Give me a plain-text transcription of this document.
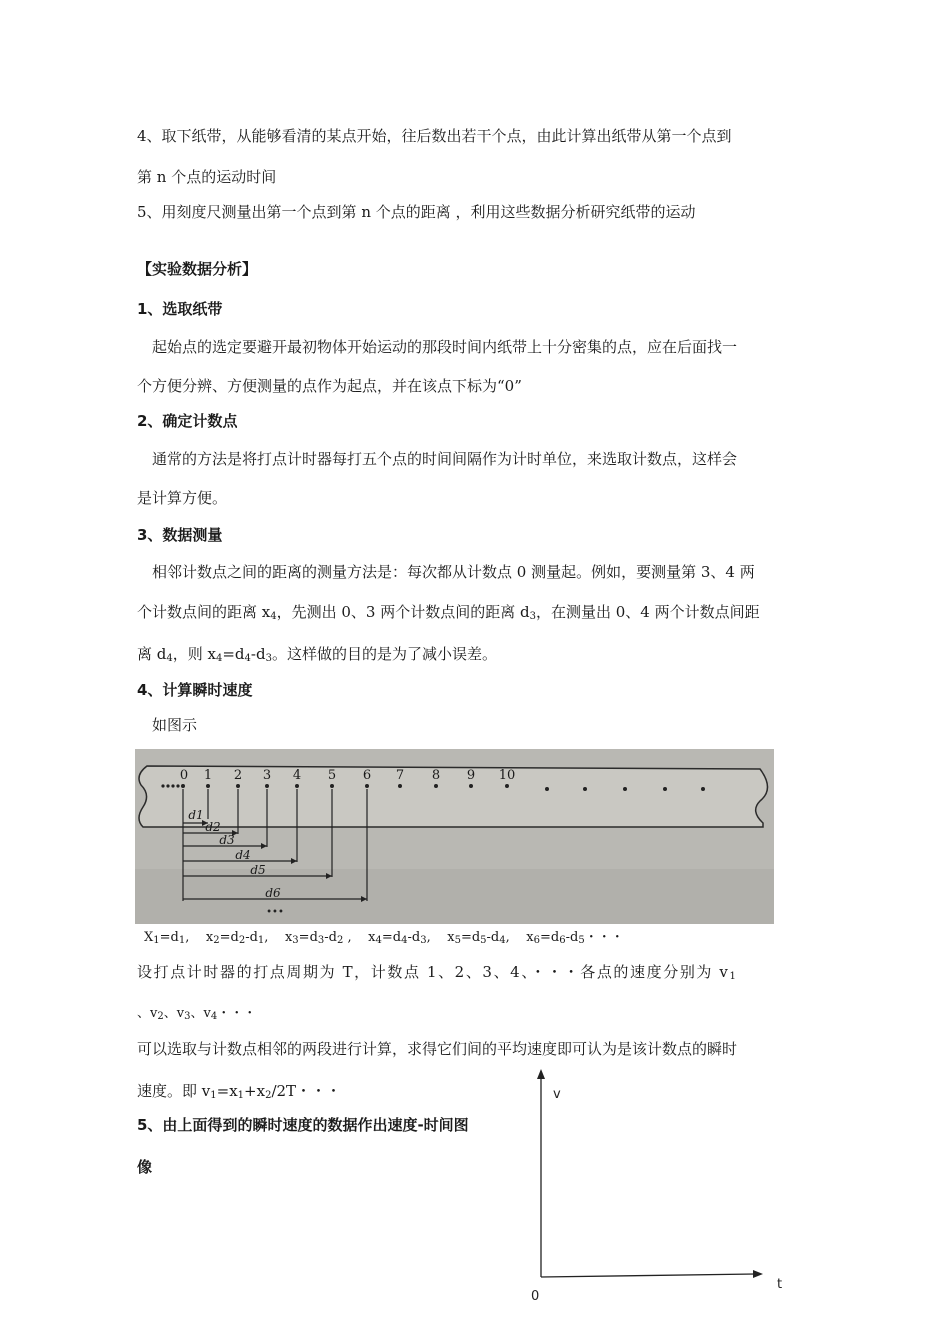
4、取下纸带，从能够看清的某点开始，往后数出若干个点，由此计算出纸带从第一个点到
第 n 个点的运动时间
5、用刻度尺测量出第一个点到第 n 个点的距离 ，利用这些数据分析研究纸带的运动
【实验数据分析】
1、选取纸带
起始点的选定要避开最初物体开始运动的那段时间内纸带上十分密集的点，应在后面找一
个方便分辨、方便测量的点作为起点，并在该点下标为“0”
2、确定计数点
通常的方法是将打点计时器每打五个点的时间间隔作为计时单位，来选取计数点，这样会
是计算方便。
3、数据测量
相邻计数点之间的距离的测量方法是：每次都从计数点 0 测量起。例如，要测量第 3、4 两
个计数点间的距离 $x_4$，先测出 0、3 两个计数点间的距离 $d_3$，在测量出 0、4 两个计数点间距
离 $d_4$，则 $x_4=d_4-d_3$。这样做的目的是为了减小误差。
4、计算瞬时速度
如图示
0 1 2 3 4 5 6 7 8 9 10
d1
d2
d3
d4
d5
d6
•••
$X_1=d_1$,    $x_2=d_2-d_1$,    $x_3=d_3-d_2$ ,    $x_4=d_4-d_3$,    $x_5=d_5-d_4$,    $x_6=d_6-d_5$・・・
设打点计时器的打点周期为 T，计数点 1、2、3、4、・・・各点的速度分别为 $v_1$
、$v_2$、$v_3$、$v_4$・・・
可以选取与计数点相邻的两段进行计算，求得它们间的平均速度即可认为是该计数点的瞬时
速度。即 $v_1=x_1+x_2/2T$・・・
5、由上面得到的瞬时速度的数据作出速度-时间图
像
v
t
0
